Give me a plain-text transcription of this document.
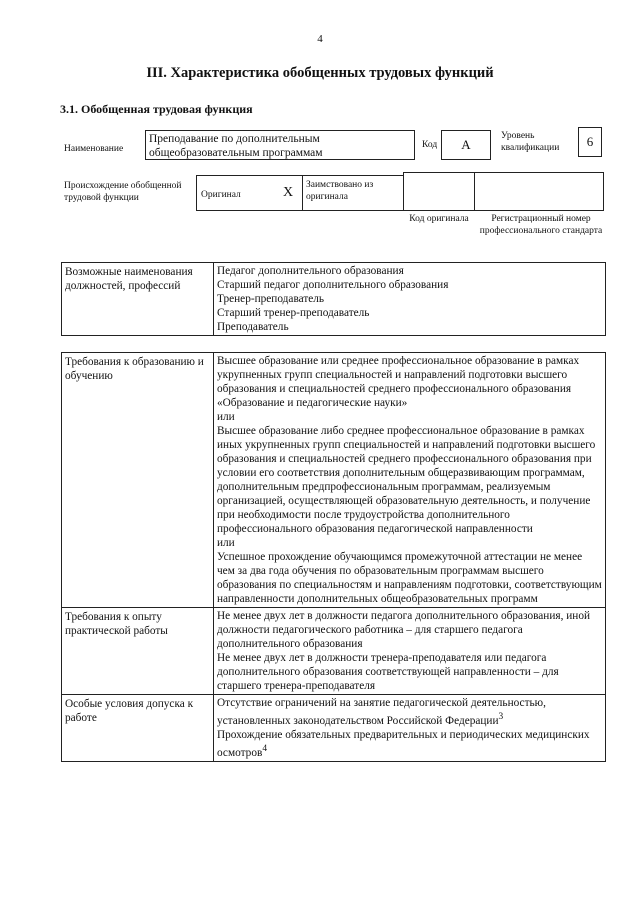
4
III. Характеристика обобщенных трудовых функций
3.1. Обобщенная трудовая функция
Наименование
Преподавание по дополнительным общеобразовательным программам
Код	A
Уровень квалификации	6
Происхождение обобщенной трудовой функции	Оригинал	X	Заимствовано из оригинала
Код оригинала	Регистрационный номер профессионального стандарта
Возможные наименования должностей, профессий	
Педагог дополнительного образования
Старший педагог дополнительного образования
Тренер-преподаватель
Старший тренер-преподаватель
Преподаватель
Требования к образованию и обучению	Высшее образование или среднее профессиональное образование в рамках укрупненных групп специальностей и направлений подготовки высшего образования и специальностей среднего профессионального образования «Образование и педагогические науки»
или
Высшее образование либо среднее профессиональное образование в рамках иных укрупненных групп специальностей и направлений подготовки высшего образования и специальностей среднего профессионального образования при условии его соответствия дополнительным общеразвивающим программам, дополнительным предпрофессиональным программам, реализуемым организацией, осуществляющей образовательную деятельность, и получение при необходимости после трудоустройства дополнительного профессионального образования педагогической направленности
или
Успешное прохождение обучающимся промежуточной аттестации не менее чем за два года обучения по образовательным программам высшего образования по специальностям и направлениям подготовки, соответствующим направленности дополнительных общеобразовательных программ

Требования к опыту практической работы	Не менее двух лет в должности педагога дополнительного образования, иной должности педагогического работника – для старшего педагога дополнительного образования
Не менее двух лет в должности тренера-преподавателя или педагога дополнительного образования соответствующей направленности – для старшего тренера-преподавателя

Особые условия допуска к работе	Отсутствие ограничений на занятие педагогической деятельностью, установленных законодательством Российской Федерации$^3$
Прохождение обязательных предварительных и периодических медицинских осмотров$^4$
